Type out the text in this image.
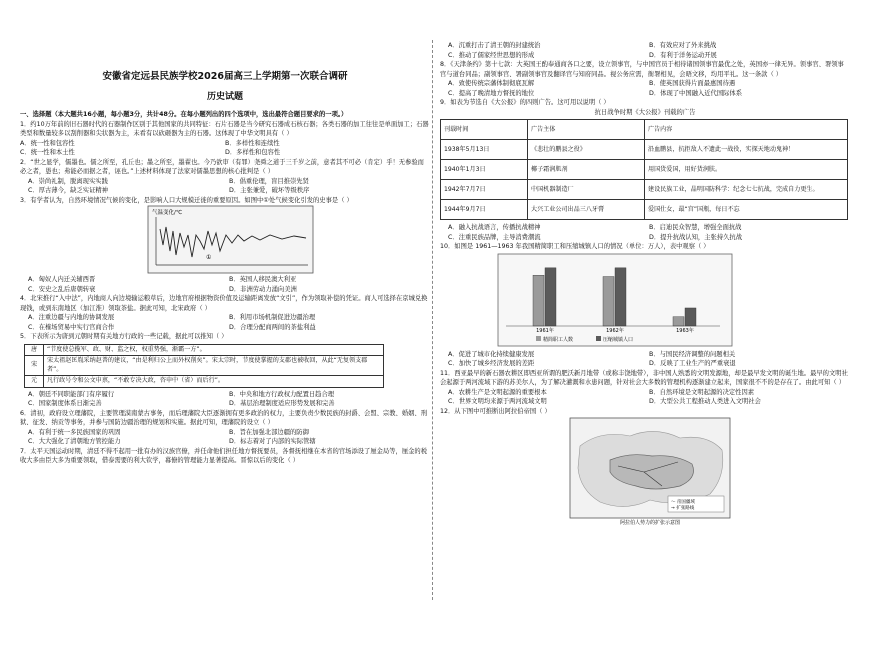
安徽省定远县民族学校2026届高三上学期第一次联合调研
历史试题

一、选择题（本大题共16小题，每小题3分，共计48分。在每小题列出的四个选项中，选出最符合题目要求的一项。）

1．约10万年前的旧石器时代的石器制作区别于其他国家的共同特征：石片石器是当今研究石器成石核石器；各类石器的加工往往是单面加工；石器类型和数量较多以刮削器和尖状器为主，未看有以砍砸器为主的石器。这体现了中华文明具有（ ）

A．统一性和包容性	B．多样性和连续性
C．统一性和本土性	D．多样性和包容性

2．“世之显学，儒墨也。儒之所至，孔丘也；墨之所至，墨翟也。今乃欲审（有罪）尧舜之道于三千岁之前，意者其不可必（肯定）乎！无参验而必之者，愚也；弗能必而据之者，诬也。”上述材料体现了法家对儒墨思想的核心批判是（ ）

A．崇尚礼制，脱离现实实践	B．倡重伦理，盲目推崇先贤
C．厚古薄今，缺乏实证精神	D．主张兼爱，破坏等级秩序

3．有学者认为，自然环境情况气候的变化，是影响人口大规模迁徙的重要原因。如图中①处气候变化引发的史事是（ ）

气温变化/℃
①
A．匈奴人内迁关辅西晋	B．英国人移民澳大利亚
C．安史之乱后唐朝转衰	D．非洲劳动力涌向美洲

4．北宋推行“入中法”，内地商人向边境输运粮草后，边地官府根据物资价值及运输距离发放“文引”，作为领取补偿的凭证。商人可选择在京城兑换现钱，或到东南地区（加江淮）领取茶盐。据此可知，北宋政府（ ）

A．注重边疆与内地的协调发展	B．利用市场机制促进边疆治理
C．在榷场贸易中实行官商合作	D．合理分配商两间的茶盐利益

5．下表所示为唐到元朝时期有关地方行政的一些记载，据此可以推知（ ）

唐	“节度使总揽军、政、财、监之权，权重势强，渐霸一方”。
宋	宋太祖赵匡胤采纳赵普的建议，“由是利归公上而外权削矣”。宋太宗时，节度使掌握的支郡也被收回，从此“无复领支郡者”。
元	凡行政号令和公文申禀，“不敢专决大政，咨申中（省）而后行”。
A．朝廷不同职能部门有序履行	B．中央和地方行政权力配置日趋合理
C．国家制度体系日渐完善	D．基层治理制度适应形势发展和完善

6．清初，政府设立理藩院，主要管理漠南蒙古事务，而后理藩院大臣逐渐拥有更多政治的权力，主要负责少数民族的封爵、会盟、宗教、婚姻、刑狱、征发、纳贡等事务，并参与国防边疆治理的规划和实施。据此可知，理藩院的设立（ ）

A．有利于统一多民族国家的巩固	B．旨在加强北部边疆的防御
C．大大强化了清朝地方管控能力	D．标志着对了内部的实际管辖

7．太平天国运动时期，清廷不得不起用一批有办的汉族官僚，并任命他们担任地方督抚要员，各督抚相继在本省的官场添设了厘金局等，厘金的税收大多由臣大多为重要领取，借泰需要的利大钦学，幕僚的管理能力显著提高。晋惊以后的变化（ ）

A．沉重打击了清王朝的封建统治	B．有效应对了外来挑战
C．推动了儒家经世思想的形成	D．有利于洋务运动开展

8．《天津条约》第十七款：大英国王酌奉通商各口之要，设立领事官，与中国官员于相待诸国领事官最优之处，英国亦一律无异。领事官、署领事官与道台同品；副领事官、署副领事官及翻译官与知府同品。视公务应需，衙署相见，会晤文移，均用平礼。这一条款（ ）

A．致使传统宗藩体制彻底瓦解	B．使英国获得片面最惠国待遇
C．提高了晚清地方督抚的地位	D．体现了中国融入近代国际体系

9．如表为节选自《大公报》的四则广告。这可用以说明（ ）

抗日战争时期《大公报》刊载的广告
刊载时间	广告主体	广告内容
1938年5月13日	《悲壮的鹏县之役》	沿血鹏县，抗拒敌人不遗此一战役，实探天地动鬼神！
1940年1月3日	椰子霜润肌剂	用国货爱国，用好货润肤。
1942年7月7日	中国机器制造厂	建设民族工业，晶明国防科学：纪念七七抗战，完成自力更生。
1944年9月7日	大兴工业公司出品三八牙膏	爱国仕女，最“宫”国瓶，每日不忘
A．融入抗战语言，传播抗战精神	B．启迪民众智慧，增强全面抗战
C．注重民族品牌，主导消费潮流	D．提升抗战认知，主张持久抗战

10．如图是 1961—1963 年我国精简职工和压缩城镇人口的情况（单位：万人），表中观察（ ）

1961年	1962年	1963年
精简职工人数	压缩城镇人口
A．促进了城市化持续健康发展	B．与国民经济调整的问题相关
C．加快了城乡经济发展的差距	D．反映了工业生产的严重衰退

11．西亚最早的新石器农耕区即西亚所谓的肥沃新月地带（或称丰饶地带），非中国人熟悉的文明发源地，却是最早发文明的诞生地。最早的文明社会起源于两河流域下游的苏美尔人，为了解决灌溉和水患问题，针对社会大多数的管理机构逐渐建立起来，国家很不不的是存在了。由此可知（ ）

A．农耕生产是文明起源的重要根本	B．自然环境是文明起源的决定性因素
C．世界文明均来源于两河流域文明	D．大型公共工程推动人类进入文明社会

12．从下图中可推断出阿拉伯帝国（ ）

～ 帝国疆域
→ 扩张路线
阿拉伯人势力的扩张示意图
